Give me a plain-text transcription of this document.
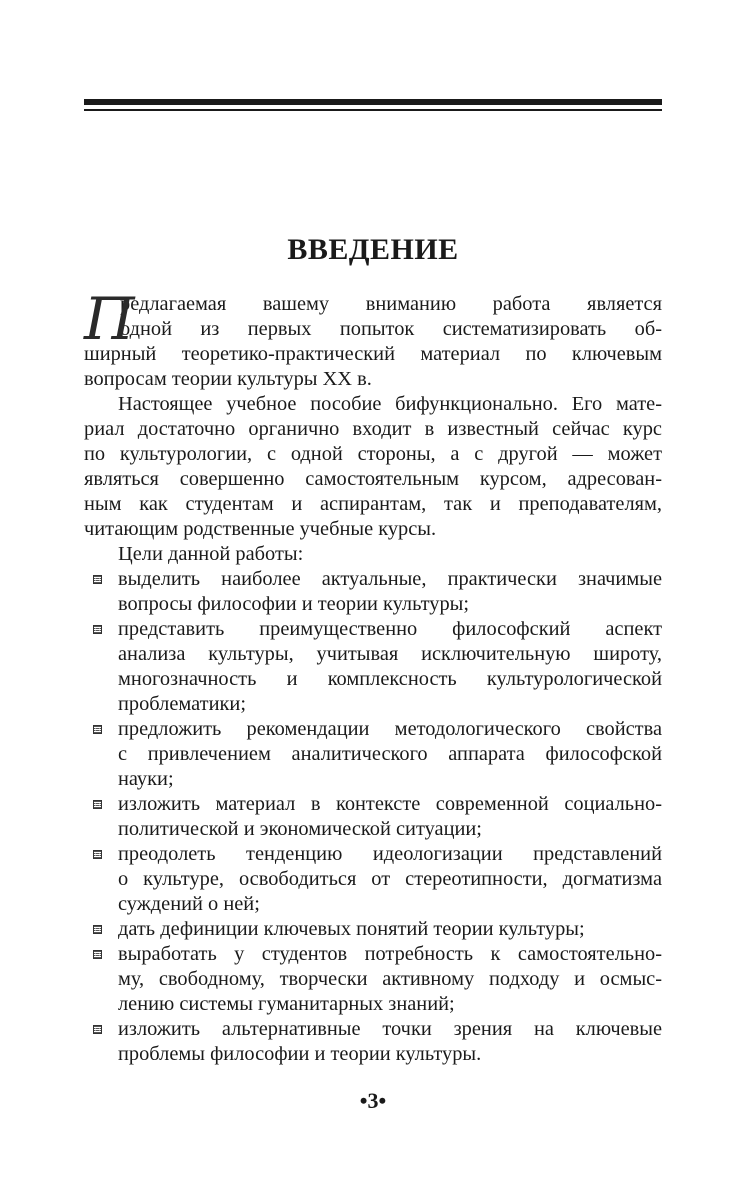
ВВЕДЕНИЕ
П
редлагаемая вашему вниманию работа является
одной из первых попыток систематизировать об-
ширный теоретико-практический материал по ключевым
вопросам теории культуры XX в.
Настоящее учебное пособие бифункционально. Его мате-
риал достаточно органично входит в известный сейчас курс
по культурологии, с одной стороны, а с другой — может
являться совершенно самостоятельным курсом, адресован-
ным как студентам и аспирантам, так и преподавателям,
читающим родственные учебные курсы.
Цели данной работы:
выделить наиболее актуальные, практически значимые
вопросы философии и теории культуры;
представить преимущественно философский аспект
анализа культуры, учитывая исключительную широту,
многозначность и комплексность культурологической
проблематики;
предложить рекомендации методологического свойства
с привлечением аналитического аппарата философской
науки;
изложить материал в контексте современной социально-
политической и экономической ситуации;
преодолеть тенденцию идеологизации представлений
о культуре, освободиться от стереотипности, догматизма
суждений о ней;
дать дефиниции ключевых понятий теории культуры;
выработать у студентов потребность к самостоятельно-
му, свободному, творчески активному подходу и осмыс-
лению системы гуманитарных знаний;
изложить альтернативные точки зрения на ключевые
проблемы философии и теории культуры.
•3•
